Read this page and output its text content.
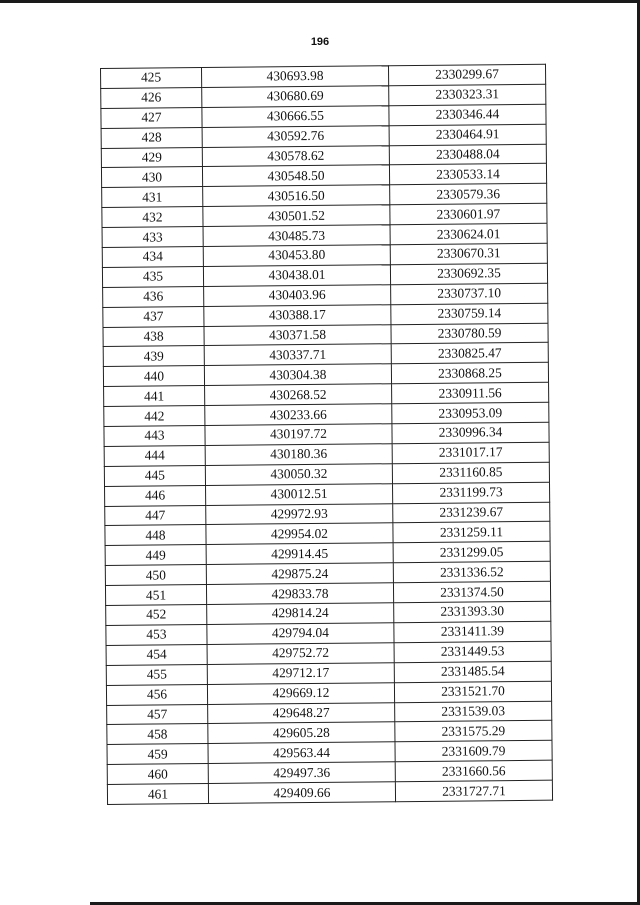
196
425	430693.98	2330299.67
426	430680.69	2330323.31
427	430666.55	2330346.44
428	430592.76	2330464.91
429	430578.62	2330488.04
430	430548.50	2330533.14
431	430516.50	2330579.36
432	430501.52	2330601.97
433	430485.73	2330624.01
434	430453.80	2330670.31
435	430438.01	2330692.35
436	430403.96	2330737.10
437	430388.17	2330759.14
438	430371.58	2330780.59
439	430337.71	2330825.47
440	430304.38	2330868.25
441	430268.52	2330911.56
442	430233.66	2330953.09
443	430197.72	2330996.34
444	430180.36	2331017.17
445	430050.32	2331160.85
446	430012.51	2331199.73
447	429972.93	2331239.67
448	429954.02	2331259.11
449	429914.45	2331299.05
450	429875.24	2331336.52
451	429833.78	2331374.50
452	429814.24	2331393.30
453	429794.04	2331411.39
454	429752.72	2331449.53
455	429712.17	2331485.54
456	429669.12	2331521.70
457	429648.27	2331539.03
458	429605.28	2331575.29
459	429563.44	2331609.79
460	429497.36	2331660.56
461	429409.66	2331727.71
